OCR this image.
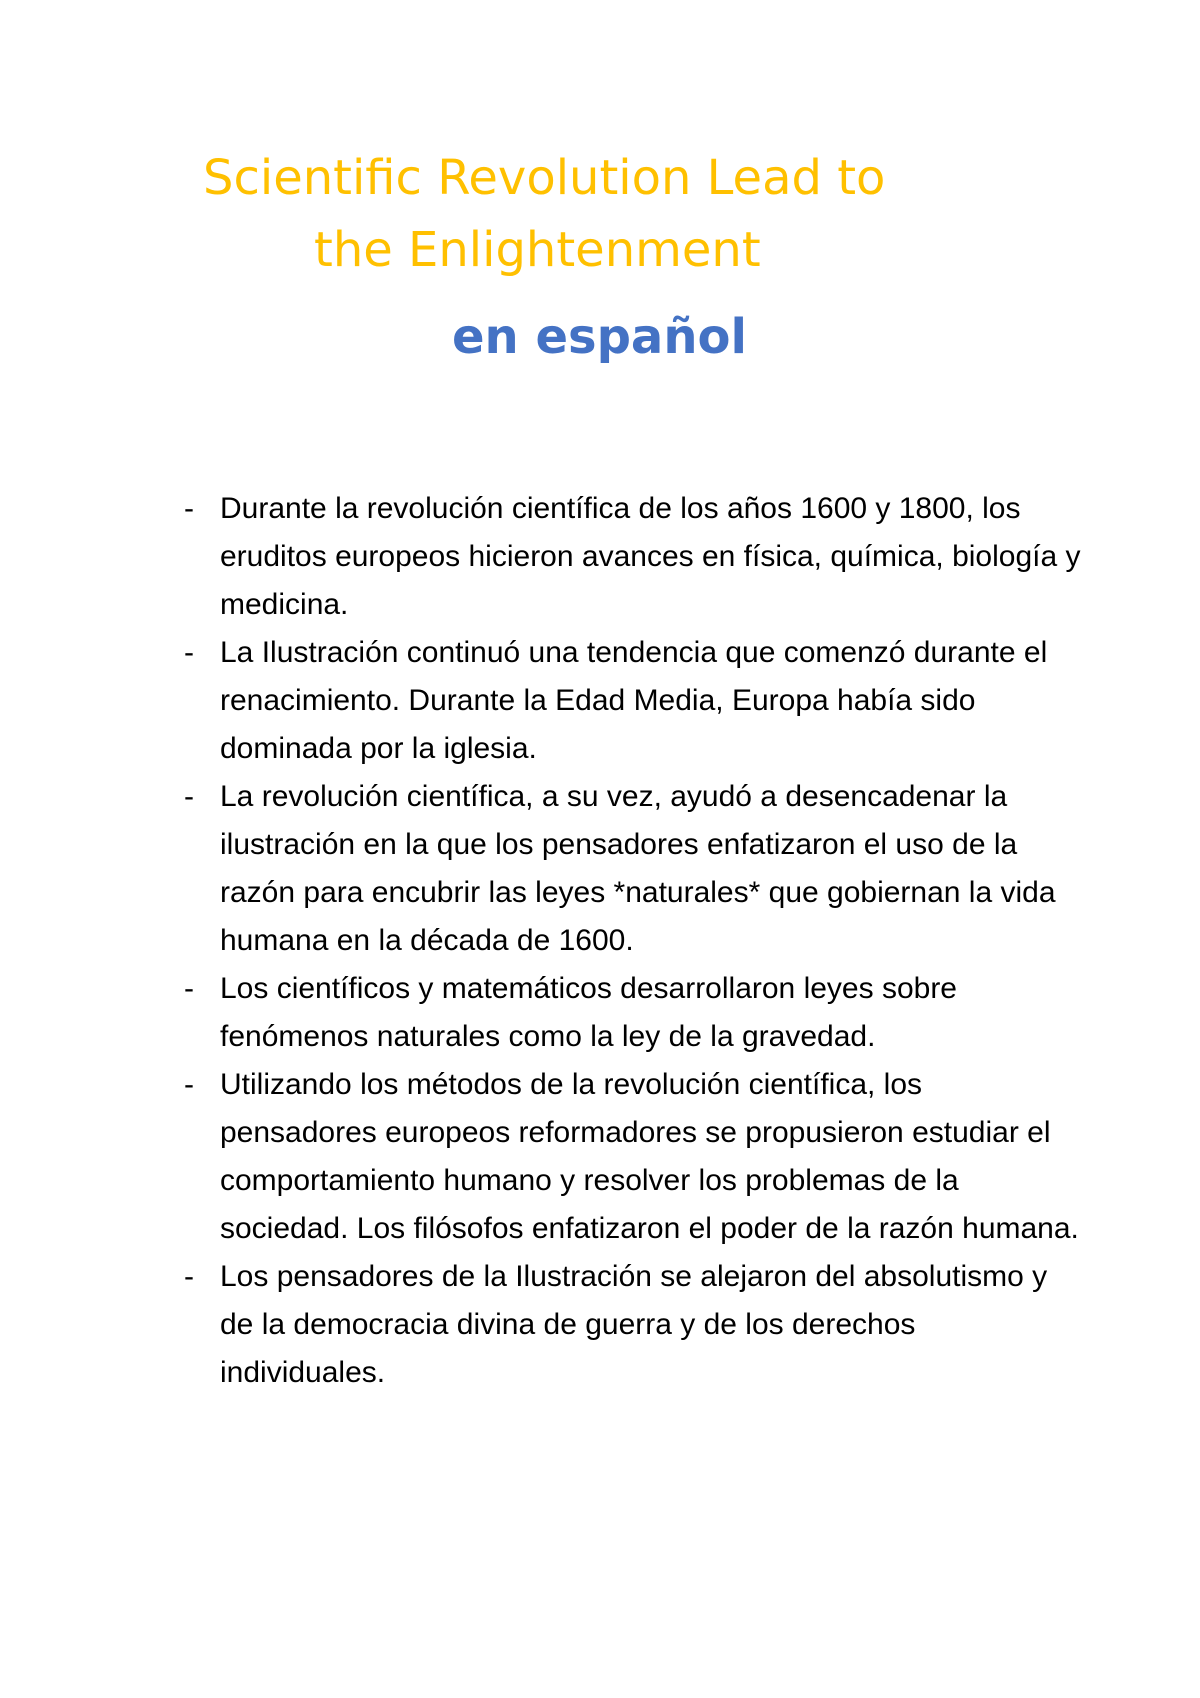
Scientific Revolution Lead to
the Enlightenment
en español
- Durante la revolución científica de los años 1600 y 1800, los eruditos europeos hicieron avances en física, química, biología y medicina.
- La Ilustración continuó una tendencia que comenzó durante el renacimiento. Durante la Edad Media, Europa había sido dominada por la iglesia.
- La revolución científica, a su vez, ayudó a desencadenar la ilustración en la que los pensadores enfatizaron el uso de la razón para encubrir las leyes *naturales* que gobiernan la vida humana en la década de 1600.
- Los científicos y matemáticos desarrollaron leyes sobre fenómenos naturales como la ley de la gravedad.
- Utilizando los métodos de la revolución científica, los pensadores europeos reformadores se propusieron estudiar el comportamiento humano y resolver los problemas de la sociedad. Los filósofos enfatizaron el poder de la razón humana.
- Los pensadores de la Ilustración se alejaron del absolutismo y de la democracia divina de guerra y de los derechos individuales.
